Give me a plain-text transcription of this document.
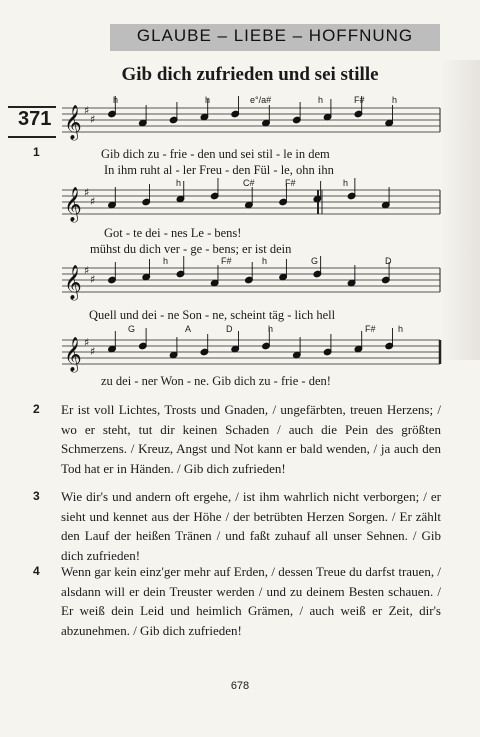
GLAUBE – LIEBE – HOFFNUNG
Gib dich zufrieden und sei stille
371
1
𝄞 ♯
♯
𝄞 ♯
♯
𝄞 ♯
♯
𝄞 ♯
♯
h	h	e°/a#	h	F#	h
h	C#	F#	h
h	F#	h	G	D
G	A	D	h	F# h
Gib dich zu - frie - den und sei stil - le in dem
In ihm ruht al - ler Freu - den Fül - le, ohn ihn
Got - te dei - nes Le - bens!
mühst du dich ver - ge - bens; er ist dein
Quell und dei - ne Son - ne, scheint täg - lich hell
zu dei - ner Won - ne. Gib dich zu - frie - den!
2 Er ist voll Lichtes, Trosts und Gnaden, / ungefärbten, treuen Herzens; / wo er steht, tut dir keinen Schaden / auch die Pein des größten Schmerzens. / Kreuz, Angst und Not kann er bald wenden, / ja auch den Tod hat er in Händen. / Gib dich zufrieden!
3 Wie dir's und andern oft ergehe, / ist ihm wahrlich nicht verborgen; / er sieht und kennet aus der Höhe / der betrübten Herzen Sorgen. / Er zählt den Lauf der heißen Tränen / und faßt zuhauf all unser Sehnen. / Gib dich zufrieden!
4 Wenn gar kein einz'ger mehr auf Erden, / dessen Treue du darfst trauen, / alsdann will er dein Treuster werden / und zu deinem Besten schauen. / Er weiß dein Leid und heimlich Grämen, / auch weiß er Zeit, dir's abzunehmen. / Gib dich zufrieden!
678
